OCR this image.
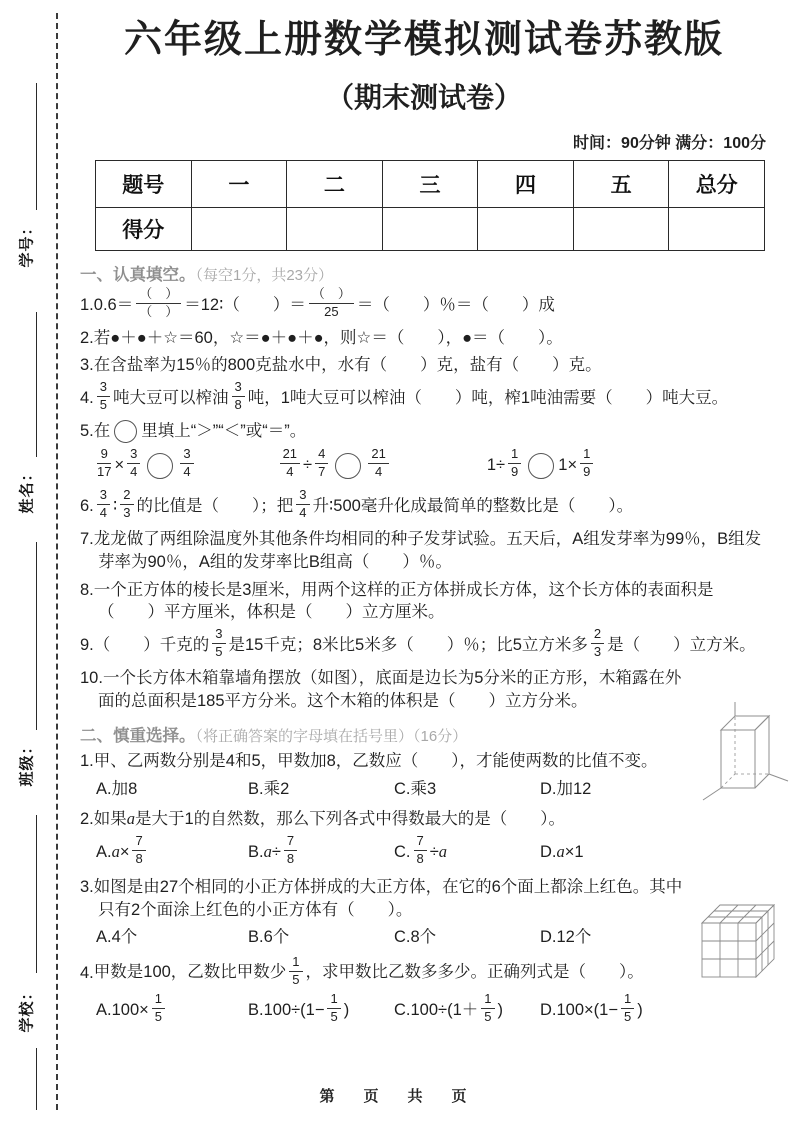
学号：
姓名：
班级：
学校：
六年级上册数学模拟测试卷苏教版
（期末测试卷）
时间：90分钟 满分：100分
题号	一	二	三	四	五	总分
得分						
一、认真填空。（每空1分，共23分）
$1.0.6= \frac{( )}{( )}$ ＝12∶（　　）＝ $\frac{( )}{25}$ ＝（　　）％＝（　　）成
2.若●＋●＋☆＝60，☆＝●＋●＋●，则☆＝（　　），●＝（　　）。
3.在含盐率为15％的800克盐水中，水有（　　）克，盐有（　　）克。
4. $\frac{3}{5}$ 吨大豆可以榨油 $\frac{3}{8}$ 吨，1吨大豆可以榨油（　　）吨，榨1吨油需要（　　）吨大豆。
5.在 里填上“＞”“＜”或“＝”。
$\frac{9}{17} \times \frac{3}{4}$	$\frac{3}{4}$	$\frac{21}{4} \div \frac{4}{7}$	$\frac{21}{4}$	$1\div \frac{1}{9} 1\times \frac{1}{9}$
6. $\frac{3}{4}$ ∶ $\frac{2}{3}$ 的比值是（　　）；把 $\frac{3}{4}$ 升∶500毫升化成最简单的整数比是（　　）。
7.龙龙做了两组除温度外其他条件均相同的种子发芽试验。五天后，A组发芽率为99％，B组发芽率为90％，A组的发芽率比B组高（　　）％。
8.一个正方体的棱长是3厘米，用两个这样的正方体拼成长方体，这个长方体的表面积是（　　）平方厘米，体积是（　　）立方厘米。
9.（　　）千克的 $\frac{3}{5}$ 是15千克；8米比5米多（　　）％；比5立方米多 $\frac{2}{3}$ 是（　　）立方米。
10.一个长方体木箱靠墙角摆放（如图），底面是边长为5分米的正方形，木箱露在外面的总面积是185平方分米。这个木箱的体积是（　　）立方分米。
二、慎重选择。（将正确答案的字母填在括号里）（16分）
1.甲、乙两数分别是4和5，甲数加8，乙数应（　　），才能使两数的比值不变。
A.加8	B.乘2	C.乘3	D.加12
2.如果a是大于1的自然数，那么下列各式中得数最大的是（　　）。
$A.a\times \frac{7}{8}$	$B.a\div \frac{7}{8}$	C. $\frac{7}{8} \div a$	D.a×1
3.如图是由27个相同的小正方体拼成的大正方体，在它的6个面上都涂上红色。其中只有2个面涂上红色的小正方体有（　　）。
A.4个	B.6个	C.8个	D.12个
4.甲数是100，乙数比甲数少 $\frac{1}{5}$ ，求甲数比乙数多多少。正确列式是（　　）。
$A.100\times \frac{1}{5}$	$B.100\div(1- \frac{1}{5}$ )	$C.100\div(1+ \frac{1}{5}$ )	$D.100\times(1- \frac{1}{5}$ )
第　页　共　页
